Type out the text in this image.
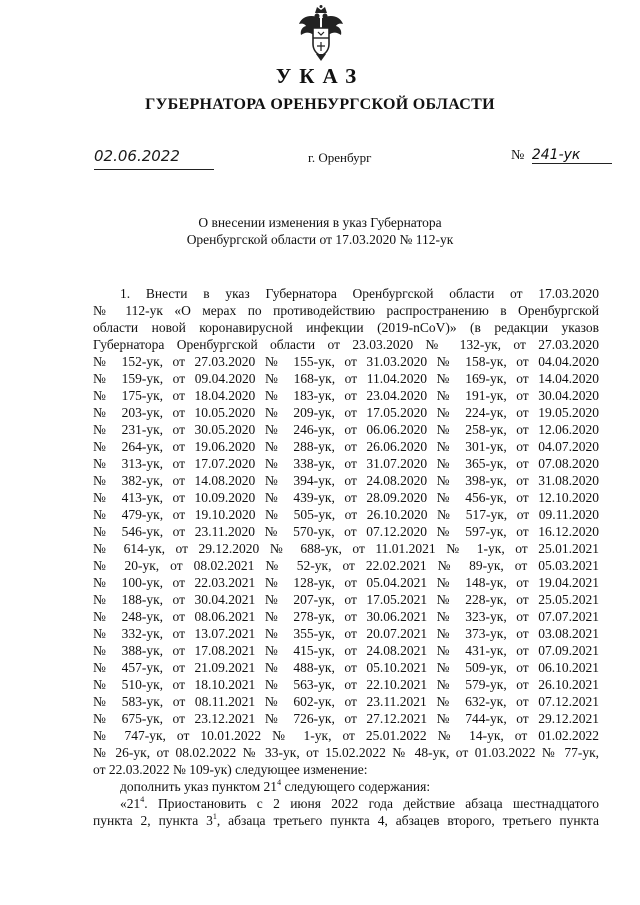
УКАЗ
ГУБЕРНАТОРА ОРЕНБУРГСКОЙ ОБЛАСТИ
02.06.2022	г. Оренбург	№ 241-ук
О внесении изменения в указ Губернатора
Оренбургской области от 17.03.2020 № 112-ук
1. Внести в указ Губернатора Оренбургской области от 17.03.2020
№ 112-ук «О мерах по противодействию распространению в Оренбургской
области новой коронавирусной инфекции (2019-nCoV)» (в редакции указов
Губернатора Оренбургской области от 23.03.2020 № 132-ук, от 27.03.2020
№ 152-ук, от 27.03.2020 № 155-ук, от 31.03.2020 № 158-ук, от 04.04.2020
№ 159-ук, от 09.04.2020 № 168-ук, от 11.04.2020 № 169-ук, от 14.04.2020
№ 175-ук, от 18.04.2020 № 183-ук, от 23.04.2020 № 191-ук, от 30.04.2020
№ 203-ук, от 10.05.2020 № 209-ук, от 17.05.2020 № 224-ук, от 19.05.2020
№ 231-ук, от 30.05.2020 № 246-ук, от 06.06.2020 № 258-ук, от 12.06.2020
№ 264-ук, от 19.06.2020 № 288-ук, от 26.06.2020 № 301-ук, от 04.07.2020
№ 313-ук, от 17.07.2020 № 338-ук, от 31.07.2020 № 365-ук, от 07.08.2020
№ 382-ук, от 14.08.2020 № 394-ук, от 24.08.2020 № 398-ук, от 31.08.2020
№ 413-ук, от 10.09.2020 № 439-ук, от 28.09.2020 № 456-ук, от 12.10.2020
№ 479-ук, от 19.10.2020 № 505-ук, от 26.10.2020 № 517-ук, от 09.11.2020
№ 546-ук, от 23.11.2020 № 570-ук, от 07.12.2020 № 597-ук, от 16.12.2020
№ 614-ук, от 29.12.2020 № 688-ук, от 11.01.2021 № 1-ук, от 25.01.2021
№ 20-ук, от 08.02.2021 № 52-ук, от 22.02.2021 № 89-ук, от 05.03.2021
№ 100-ук, от 22.03.2021 № 128-ук, от 05.04.2021 № 148-ук, от 19.04.2021
№ 188-ук, от 30.04.2021 № 207-ук, от 17.05.2021 № 228-ук, от 25.05.2021
№ 248-ук, от 08.06.2021 № 278-ук, от 30.06.2021 № 323-ук, от 07.07.2021
№ 332-ук, от 13.07.2021 № 355-ук, от 20.07.2021 № 373-ук, от 03.08.2021
№ 388-ук, от 17.08.2021 № 415-ук, от 24.08.2021 № 431-ук, от 07.09.2021
№ 457-ук, от 21.09.2021 № 488-ук, от 05.10.2021 № 509-ук, от 06.10.2021
№ 510-ук, от 18.10.2021 № 563-ук, от 22.10.2021 № 579-ук, от 26.10.2021
№ 583-ук, от 08.11.2021 № 602-ук, от 23.11.2021 № 632-ук, от 07.12.2021
№ 675-ук, от 23.12.2021 № 726-ук, от 27.12.2021 № 744-ук, от 29.12.2021
№ 747-ук, от 10.01.2022 № 1-ук, от 25.01.2022 № 14-ук, от 01.02.2022
№ 26-ук, от 08.02.2022 № 33-ук, от 15.02.2022 № 48-ук, от 01.03.2022 № 77-ук,
от 22.03.2022 № 109-ук) следующее изменение:
дополнить указ пунктом $21^4$ следующего содержания:
«$21^4$. Приостановить с 2 июня 2022 года действие абзаца шестнадцатого
пункта 2, пункта $3^1$, абзаца третьего пункта 4, абзацев второго, третьего пункта
